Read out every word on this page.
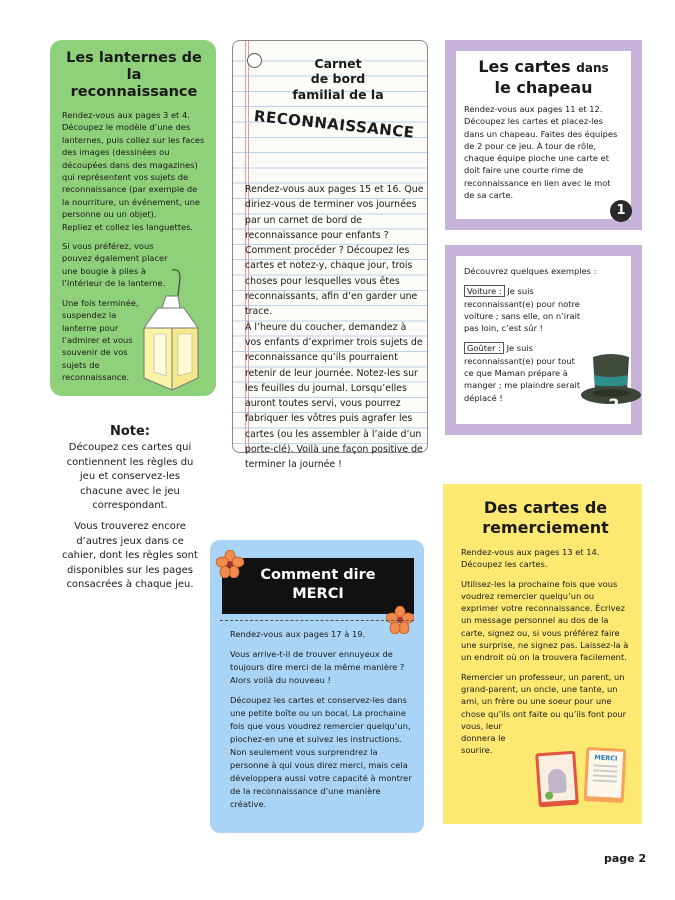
Les lanternes de la reconnaissance

Rendez-vous aux pages 3 et 4. Découpez le modèle d’une des lanternes, puis collez sur les faces des images (dessinées ou découpées dans des magazines) qui représentent vos sujets de reconnaissance (par exemple de la nourriture, un événement, une personne ou un objet).

Repliez et collez les languettes.

Si vous préférez, vous pouvez également placer une bougie à piles à l’intérieur de la lanterne.

Une fois terminée, suspendez la lanterne pour l’admirer et vous souvenir de vos sujets de reconnaissance.

Carnet
de bord
familial de la
RECONNAISSANCE

Rendez-vous aux pages 15 et 16. Que diriez-vous de terminer vos journées par un carnet de bord de reconnaissance pour enfants ? Comment procéder ? Découpez les cartes et notez-y, chaque jour, trois choses pour lesquelles vous êtes reconnaissants, afin d’en garder une trace.

À l’heure du coucher, demandez à vos enfants d’exprimer trois sujets de reconnaissance qu’ils pourraient retenir de leur journée. Notez-les sur les feuilles du journal. Lorsqu’elles auront toutes servi, vous pourrez fabriquer les vôtres puis agrafer les cartes (ou les assembler à l’aide d’un porte-clé). Voilà une façon positive de terminer la journée !

Les cartes dans
le chapeau

Rendez-vous aux pages 11 et 12. Découpez les cartes et placez-les dans un chapeau. Faites des équipes de 2 pour ce jeu. À tour de rôle, chaque équipe pioche une carte et doit faire une courte rime de reconnaissance en lien avec le mot de sa carte.

1

Découvrez quelques exemples :

Voiture : Je suis reconnaissant(e) pour notre voiture ; sans elle, on n’irait pas loin, c’est sûr !

Goûter : Je suis reconnaissant(e) pour tout ce que Maman prépare à manger ; me plaindre serait déplacé !	2
Note:

Découpez ces cartes qui contiennent les règles du jeu et conservez-les chacune avec le jeu correspondant.

Vous trouverez encore d’autres jeux dans ce cahier, dont les règles sont disponibles sur les pages consacrées à chaque jeu.

Comment dire
MERCI

Rendez-vous aux pages 17 à 19.

Vous arrive-t-il de trouver ennuyeux de toujours dire merci de la même manière ? Alors voilà du nouveau !

Découpez les cartes et conservez-les dans une petite boîte ou un bocal. La prochaine fois que vous voudrez remercier quelqu’un, piochez-en une et suivez les instructions. Non seulement vous surprendrez la personne à qui vous direz merci, mais cela développera aussi votre capacité à montrer de la reconnaissance d’une manière créative.

Des cartes de remerciement

Rendez-vous aux pages 13 et 14. Découpez les cartes.

Utilisez-les la prochaine fois que vous voudrez remercier quelqu’un ou exprimer votre reconnaissance. Écrivez un message personnel au dos de la carte, signez ou, si vous préférez faire une surprise, ne signez pas. Laissez-la à un endroit où on la trouvera facilement.

Remercier un professeur, un parent, un grand-parent, un oncle, une tante, un ami, un frère ou une soeur pour une chose qu’ils ont faite ou qu’ils font pour

vous, leur donnera le sourire.

MERCI
page 2
